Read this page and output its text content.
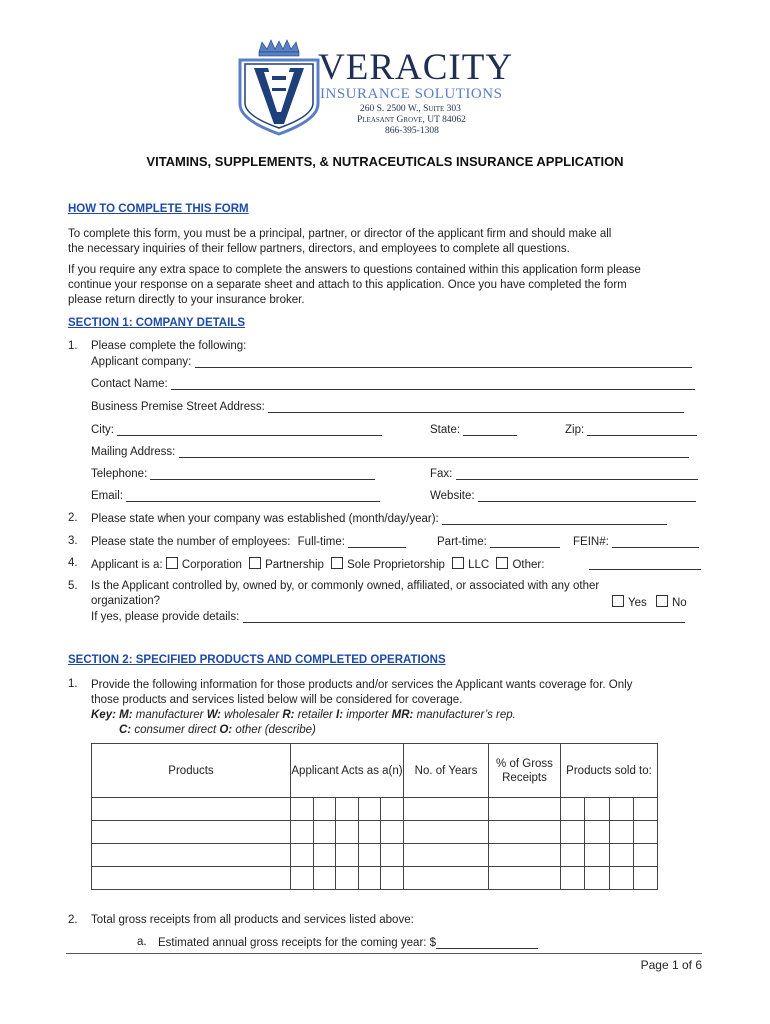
VERACITY
INSURANCE SOLUTIONS
260 S. 2500 W., Suite 303
Pleasant Grove, UT 84062
866-395-1308
VITAMINS, SUPPLEMENTS, & NUTRACEUTICALS INSURANCE APPLICATION
HOW TO COMPLETE THIS FORM
To complete this form, you must be a principal, partner, or director of the applicant firm and should make all
the necessary inquiries of their fellow partners, directors, and employees to complete all questions.
If you require any extra space to complete the answers to questions contained within this application form please
continue your response on a separate sheet and attach to this application. Once you have completed the form
please return directly to your insurance broker.
SECTION 1: COMPANY DETAILS
1. Please complete the following:
Applicant company:
Contact Name:
Business Premise Street Address:
City:	State:	Zip:
Mailing Address:
Telephone:	Fax:
Email:	Website:
2. Please state when your company was established (month/day/year):
3. Please state the number of employees: Full-time:	Part-time:	FEIN#:
4. Applicant is a: Corporation Partnership Sole Proprietorship LLC Other:
5. Is the Applicant controlled by, owned by, or commonly owned, affiliated, or associated with any other
organization?	Yes No
If yes, please provide details:
SECTION 2: SPECIFIED PRODUCTS AND COMPLETED OPERATIONS
1. Provide the following information for those products and/or services the Applicant wants coverage for. Only
those products and services listed below will be considered for coverage.
Key: M: manufacturer W: wholesaler R: retailer I: importer MR: manufacturer’s rep.
C: consumer direct O: other (describe)
Products	Applicant Acts as a(n)					No. of Years	% of Gross Receipts	Products sold to:			

2. Total gross receipts from all products and services listed above:
a. Estimated annual gross receipts for the coming year: $
Page 1 of 6
